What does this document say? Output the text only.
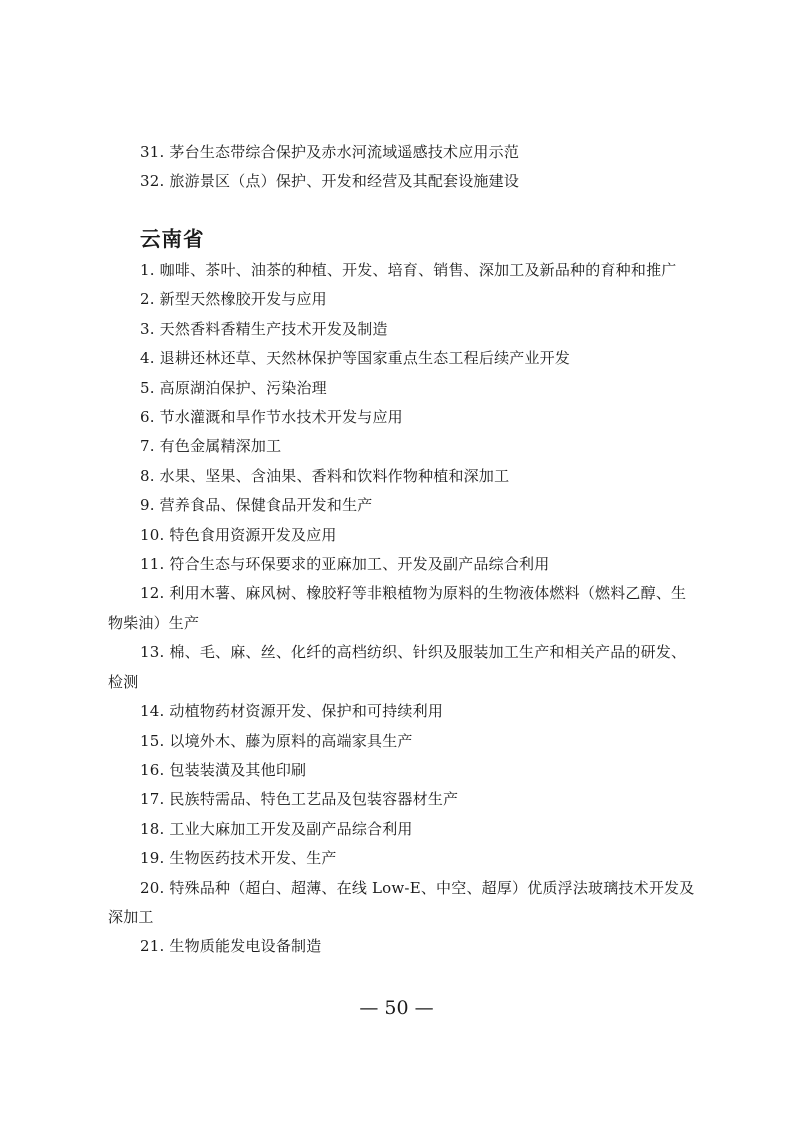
31. 茅台生态带综合保护及赤水河流域遥感技术应用示范
32. 旅游景区（点）保护、开发和经营及其配套设施建设
云南省
1. 咖啡、茶叶、油茶的种植、开发、培育、销售、深加工及新品种的育种和推广
2. 新型天然橡胶开发与应用
3. 天然香料香精生产技术开发及制造
4. 退耕还林还草、天然林保护等国家重点生态工程后续产业开发
5. 高原湖泊保护、污染治理
6. 节水灌溉和旱作节水技术开发与应用
7. 有色金属精深加工
8. 水果、坚果、含油果、香料和饮料作物种植和深加工
9. 营养食品、保健食品开发和生产
10. 特色食用资源开发及应用
11. 符合生态与环保要求的亚麻加工、开发及副产品综合利用
12. 利用木薯、麻风树、橡胶籽等非粮植物为原料的生物液体燃料（燃料乙醇、生物柴油）生产
13. 棉、毛、麻、丝、化纤的高档纺织、针织及服装加工生产和相关产品的研发、检测
14. 动植物药材资源开发、保护和可持续利用
15. 以境外木、藤为原料的高端家具生产
16. 包装装潢及其他印刷
17. 民族特需品、特色工艺品及包装容器材生产
18. 工业大麻加工开发及副产品综合利用
19. 生物医药技术开发、生产
20. 特殊品种（超白、超薄、在线 Low-E、中空、超厚）优质浮法玻璃技术开发及深加工
21. 生物质能发电设备制造
— 50 —
